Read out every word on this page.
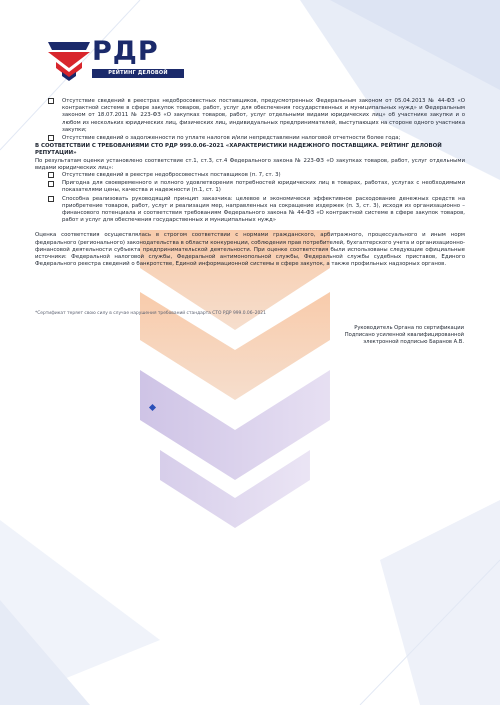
РДР
РЕЙТИНГ ДЕЛОВОЙ РЕПУТАЦИИ
Отсутствие сведений в реестрах недобросовестных поставщиков, предусмотренных Федеральным законом от 05.04.2013 № 44-ФЗ «О контрактной системе в сфере закупок товаров, работ, услуг для обеспечения государственных и муниципальных нужд» и Федеральным законом от 18.07.2011 № 223-ФЗ «О закупках товаров, работ, услуг отдельными видами юридических лиц» об участнике закупки и о любом из нескольких юридических лиц, физических лиц, индивидуальных предпринимателей, выступающих на стороне одного участника закупки;
Отсутствие сведений о задолженности по уплате налогов и/или непредставлении налоговой отчетности более года;
В СООТВЕТСТВИИ С ТРЕБОВАНИЯМИ СТО РДР 999.0.06–2021 «ХАРАКТЕРИСТИКИ НАДЕЖНОГО ПОСТАВЩИКА. РЕЙТИНГ ДЕЛОВОЙ РЕПУТАЦИИ»
По результатам оценки установлено соответствие ст.1, ст.3, ст.4 Федерального закона № 223-ФЗ «О закупках товаров, работ, услуг отдельными видами юридических лиц»:
Отсутствие сведений в реестре недобросовестных поставщиков (п. 7, ст. 3)
Пригодна для своевременного и полного удовлетворения потребностей юридических лиц в товарах, работах, услугах с необходимыми показателями цены, качества и надежности (п.1, ст. 1)
Способна реализовать руководящий принцип заказчика: целевое и экономически эффективное расходование денежных средств на приобретение товаров, работ, услуг и реализация мер, направленных на сокращение издержек (п. 3, ст. 3), исходя из организационно – финансового потенциала и соответствия требованиям Федерального закона № 44-ФЗ «О контрактной системе в сфере закупок товаров, работ и услуг для обеспечения государственных и муниципальных нужд»
Оценка соответствия осуществлялась в строгом соответствии с нормами гражданского, арбитражного, процессуального и иным норм федерального (регионального) законодательства в области конкуренции, соблюдения прав потребителей, бухгалтерского учета и организационно-финансовой деятельности субъекта предпринимательской деятельности. При оценке соответствия были использованы следующие официальные источники: Федеральной налоговой службы, Федеральной антимонопольной службы, Федеральной службы судебных приставов, Единого Федерального реестра сведений о банкротстве, Единой информационной системы в сфере закупок, а также профильных надзорных органов.
*Сертификат теряет свою силу в случае нарушения требований стандарта СТО РДР 999.0.06–2021
Руководитель Органа по сертификации
Подписано усиленной квалифицированной
электронной подписью Баранов А.В.
